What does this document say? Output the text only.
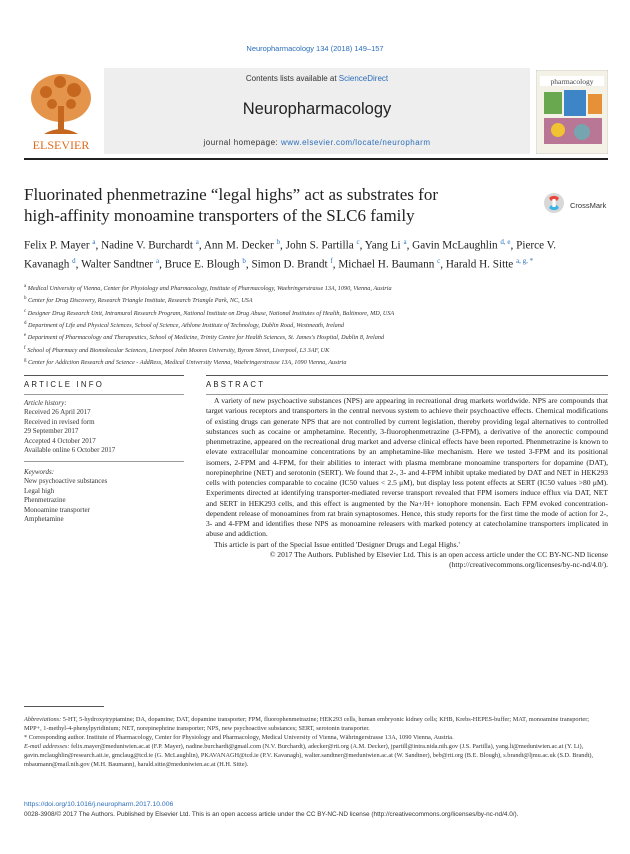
Neuropharmacology 134 (2018) 149–157
ELSEVIER
Contents lists available at ScienceDirect
Neuropharmacology
journal homepage: www.elsevier.com/locate/neuropharm
pharmacology
Fluorinated phenmetrazine “legal highs” act as substrates for
high-affinity monoamine transporters of the SLC6 family
CrossMark
Felix P. Mayer $^a$, Nadine V. Burchardt $^a$, Ann M. Decker $^b$, John S. Partilla $^c$, Yang Li $^a$, Gavin McLaughlin $^{d, e}$, Pierce V. Kavanagh $^d$, Walter Sandtner $^a$, Bruce E. Blough $^b$, Simon D. Brandt $^f$, Michael H. Baumann $^c$, Harald H. Sitte $^{a, g, *}$
$^a$ Medical University of Vienna, Center for Physiology and Pharmacology, Institute of Pharmacology, Waehringerstrasse 13A, 1090, Vienna, Austria
$^b$ Center for Drug Discovery, Research Triangle Institute, Research Triangle Park, NC, USA
$^c$ Designer Drug Research Unit, Intramural Research Program, National Institute on Drug Abuse, National Institutes of Health, Baltimore, MD, USA
$^d$ Department of Life and Physical Sciences, School of Science, Athlone Institute of Technology, Dublin Road, Westmeath, Ireland
$^e$ Department of Pharmacology and Therapeutics, School of Medicine, Trinity Centre for Health Sciences, St. James's Hospital, Dublin 8, Ireland
$^f$ School of Pharmacy and Biomolecular Sciences, Liverpool John Moores University, Byrom Street, Liverpool, L3 3AF, UK
$^g$ Center for Addiction Research and Science - AddRess, Medical University Vienna, Waehringerstrasse 13A, 1090 Vienna, Austria
ARTICLE INFO	ABSTRACT
Article history:
Received 26 April 2017
Received in revised form
29 September 2017
Accepted 4 October 2017
Available online 6 October 2017
Keywords:
New psychoactive substances
Legal high
Phenmetrazine
Monoamine transporter
Amphetamine

A variety of new psychoactive substances (NPS) are appearing in recreational drug markets worldwide. NPS are compounds that target various receptors and transporters in the central nervous system to achieve their psychoactive effects. Chemical modifications of existing drugs can generate NPS that are not controlled by current legislation, thereby providing legal alternatives to controlled substances such as cocaine or amphetamine. Recently, 3-fluorophenmetrazine (3-FPM), a derivative of the anorectic compound phenmetrazine, appeared on the recreational drug market and adverse clinical effects have been reported. Phenmetrazine is known to elevate extracellular monoamine concentrations by an amphetamine-like mechanism. Here we tested 3-FPM and its positional isomers, 2-FPM and 4-FPM, for their abilities to interact with plasma membrane monoamine transporters for dopamine (DAT), norepinephrine (NET) and serotonin (SERT). We found that 2-, 3- and 4-FPM inhibit uptake mediated by DAT and NET in HEK293 cells with potencies comparable to cocaine (IC50 values < 2.5 μM), but display less potent effects at SERT (IC50 values >80 μM). Experiments directed at identifying transporter-mediated reverse transport revealed that FPM isomers induce efflux via DAT, NET and SERT in HEK293 cells, and this effect is augmented by the Na+/H+ ionophore monensin. Each FPM evoked concentration-dependent release of monoamines from rat brain synaptosomes. Hence, this study reports for the first time the mode of action for 2-, 3- and 4-FPM and identifies these NPS as monoamine releasers with marked potency at catecholamine transporters implicated in abuse and addiction.

This article is part of the Special Issue entitled 'Designer Drugs and Legal Highs.'

© 2017 The Authors. Published by Elsevier Ltd. This is an open access article under the CC BY-NC-ND license (http://creativecommons.org/licenses/by-nc-nd/4.0/).

Abbreviations: 5-HT, 5-hydroxytryptamine; DA, dopamine; DAT, dopamine transporter; FPM, fluorophenmetrazine; HEK293 cells, human embryonic kidney cells; KHB, Krebs-HEPES-buffer; MAT, monoamine transporter; MPP+, 1-methyl-4-phenylpyridinium; NET, norepinephrine transporter; NPS, new psychoactive substances; SERT, serotonin transporter.

* Corresponding author. Institute of Pharmacology, Center for Physiology and Pharmacology, Medical University of Vienna, Währingerstrasse 13A, 1090 Vienna, Austria.

E-mail addresses: felix.mayer@meduniwien.ac.at (F.P. Mayer), nadine.burchardt@gmail.com (N.V. Burchardt), adecker@rti.org (A.M. Decker), jpartill@intra.nida.nih.gov (J.S. Partilla), yang.li@meduniwien.ac.at (Y. Li), gavin.mclaughlin@research.ait.ie, gmclaug@tcd.ie (G. McLaughlin), PKAVANAGH@tcd.ie (P.V. Kavanagh), walter.sandtner@meduniwien.ac.at (W. Sandtner), beb@rti.org (B.E. Blough), s.brandt@ljmu.ac.uk (S.D. Brandt), mbaumann@mail.nih.gov (M.H. Baumann), harald.sitte@meduniwien.ac.at (H.H. Sitte).

https://doi.org/10.1016/j.neuropharm.2017.10.006
0028-3908/© 2017 The Authors. Published by Elsevier Ltd. This is an open access article under the CC BY-NC-ND license (http://creativecommons.org/licenses/by-nc-nd/4.0/).
